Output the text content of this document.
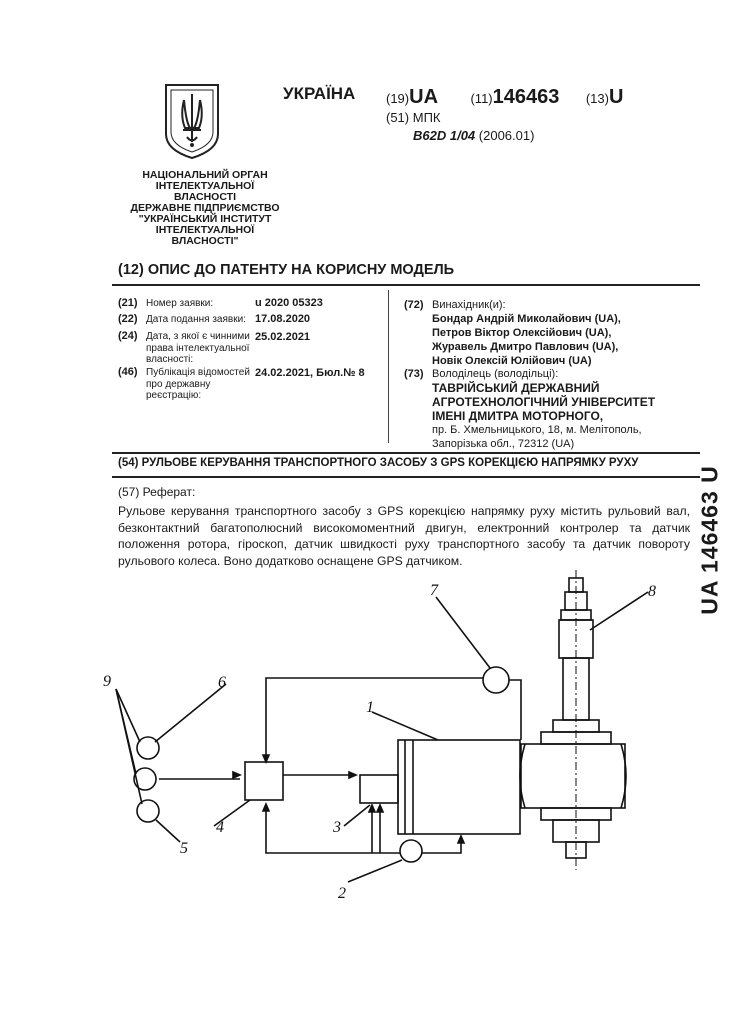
НАЦІОНАЛЬНИЙ ОРГАН
ІНТЕЛЕКТУАЛЬНОЇ
ВЛАСНОСТІ
ДЕРЖАВНЕ ПІДПРИЄМСТВО
"УКРАЇНСЬКИЙ ІНСТИТУТ
ІНТЕЛЕКТУАЛЬНОЇ
ВЛАСНОСТІ"
УКРАЇНА (19)UA (11)146463 (13)U
(51) МПК
B62D 1/04 (2006.01)
(12) ОПИС ДО ПАТЕНТУ НА КОРИСНУ МОДЕЛЬ
(21) Номер заявки:	u 2020 05323
(22) Дата подання заявки: 17.08.2020
(24) Дата, з якої є чинними права інтелектуальної власності:
25.02.2021
(46) Публікація відомостей про державну реєстрацію:
24.02.2021, Бюл.№ 8
(72) Винахідник(и):
Бондар Андрій Миколайович (UA),
Петров Віктор Олексійович (UA),
Журавель Дмитро Павлович (UA),
Новік Олексій Юлійович (UA)
(73) Володілець (володільці):
ТАВРІЙСЬКИЙ ДЕРЖАВНИЙ
АГРОТЕХНОЛОГІЧНИЙ УНІВЕРСИТЕТ
ІМЕНІ ДМИТРА МОТОРНОГО,
пр. Б. Хмельницького, 18, м. Мелітополь,
Запорізька обл., 72312 (UA)
(54) РУЛЬОВЕ КЕРУВАННЯ ТРАНСПОРТНОГО ЗАСОБУ З GPS КОРЕКЦІЄЮ НАПРЯМКУ РУХУ
(57) Реферат:
Рульове керування транспортного засобу з GPS корекцією напрямку руху містить рульовий вал, безконтактний багатополюсний високомоментний двигун, електронний контролер та датчик положення ротора, гіроскоп, датчик швидкості руху транспортного засобу та датчик повороту рульового колеса. Воно додатково оснащене GPS датчиком.	UA 146463 U
9	6
5
4
1
3
2
7	8
